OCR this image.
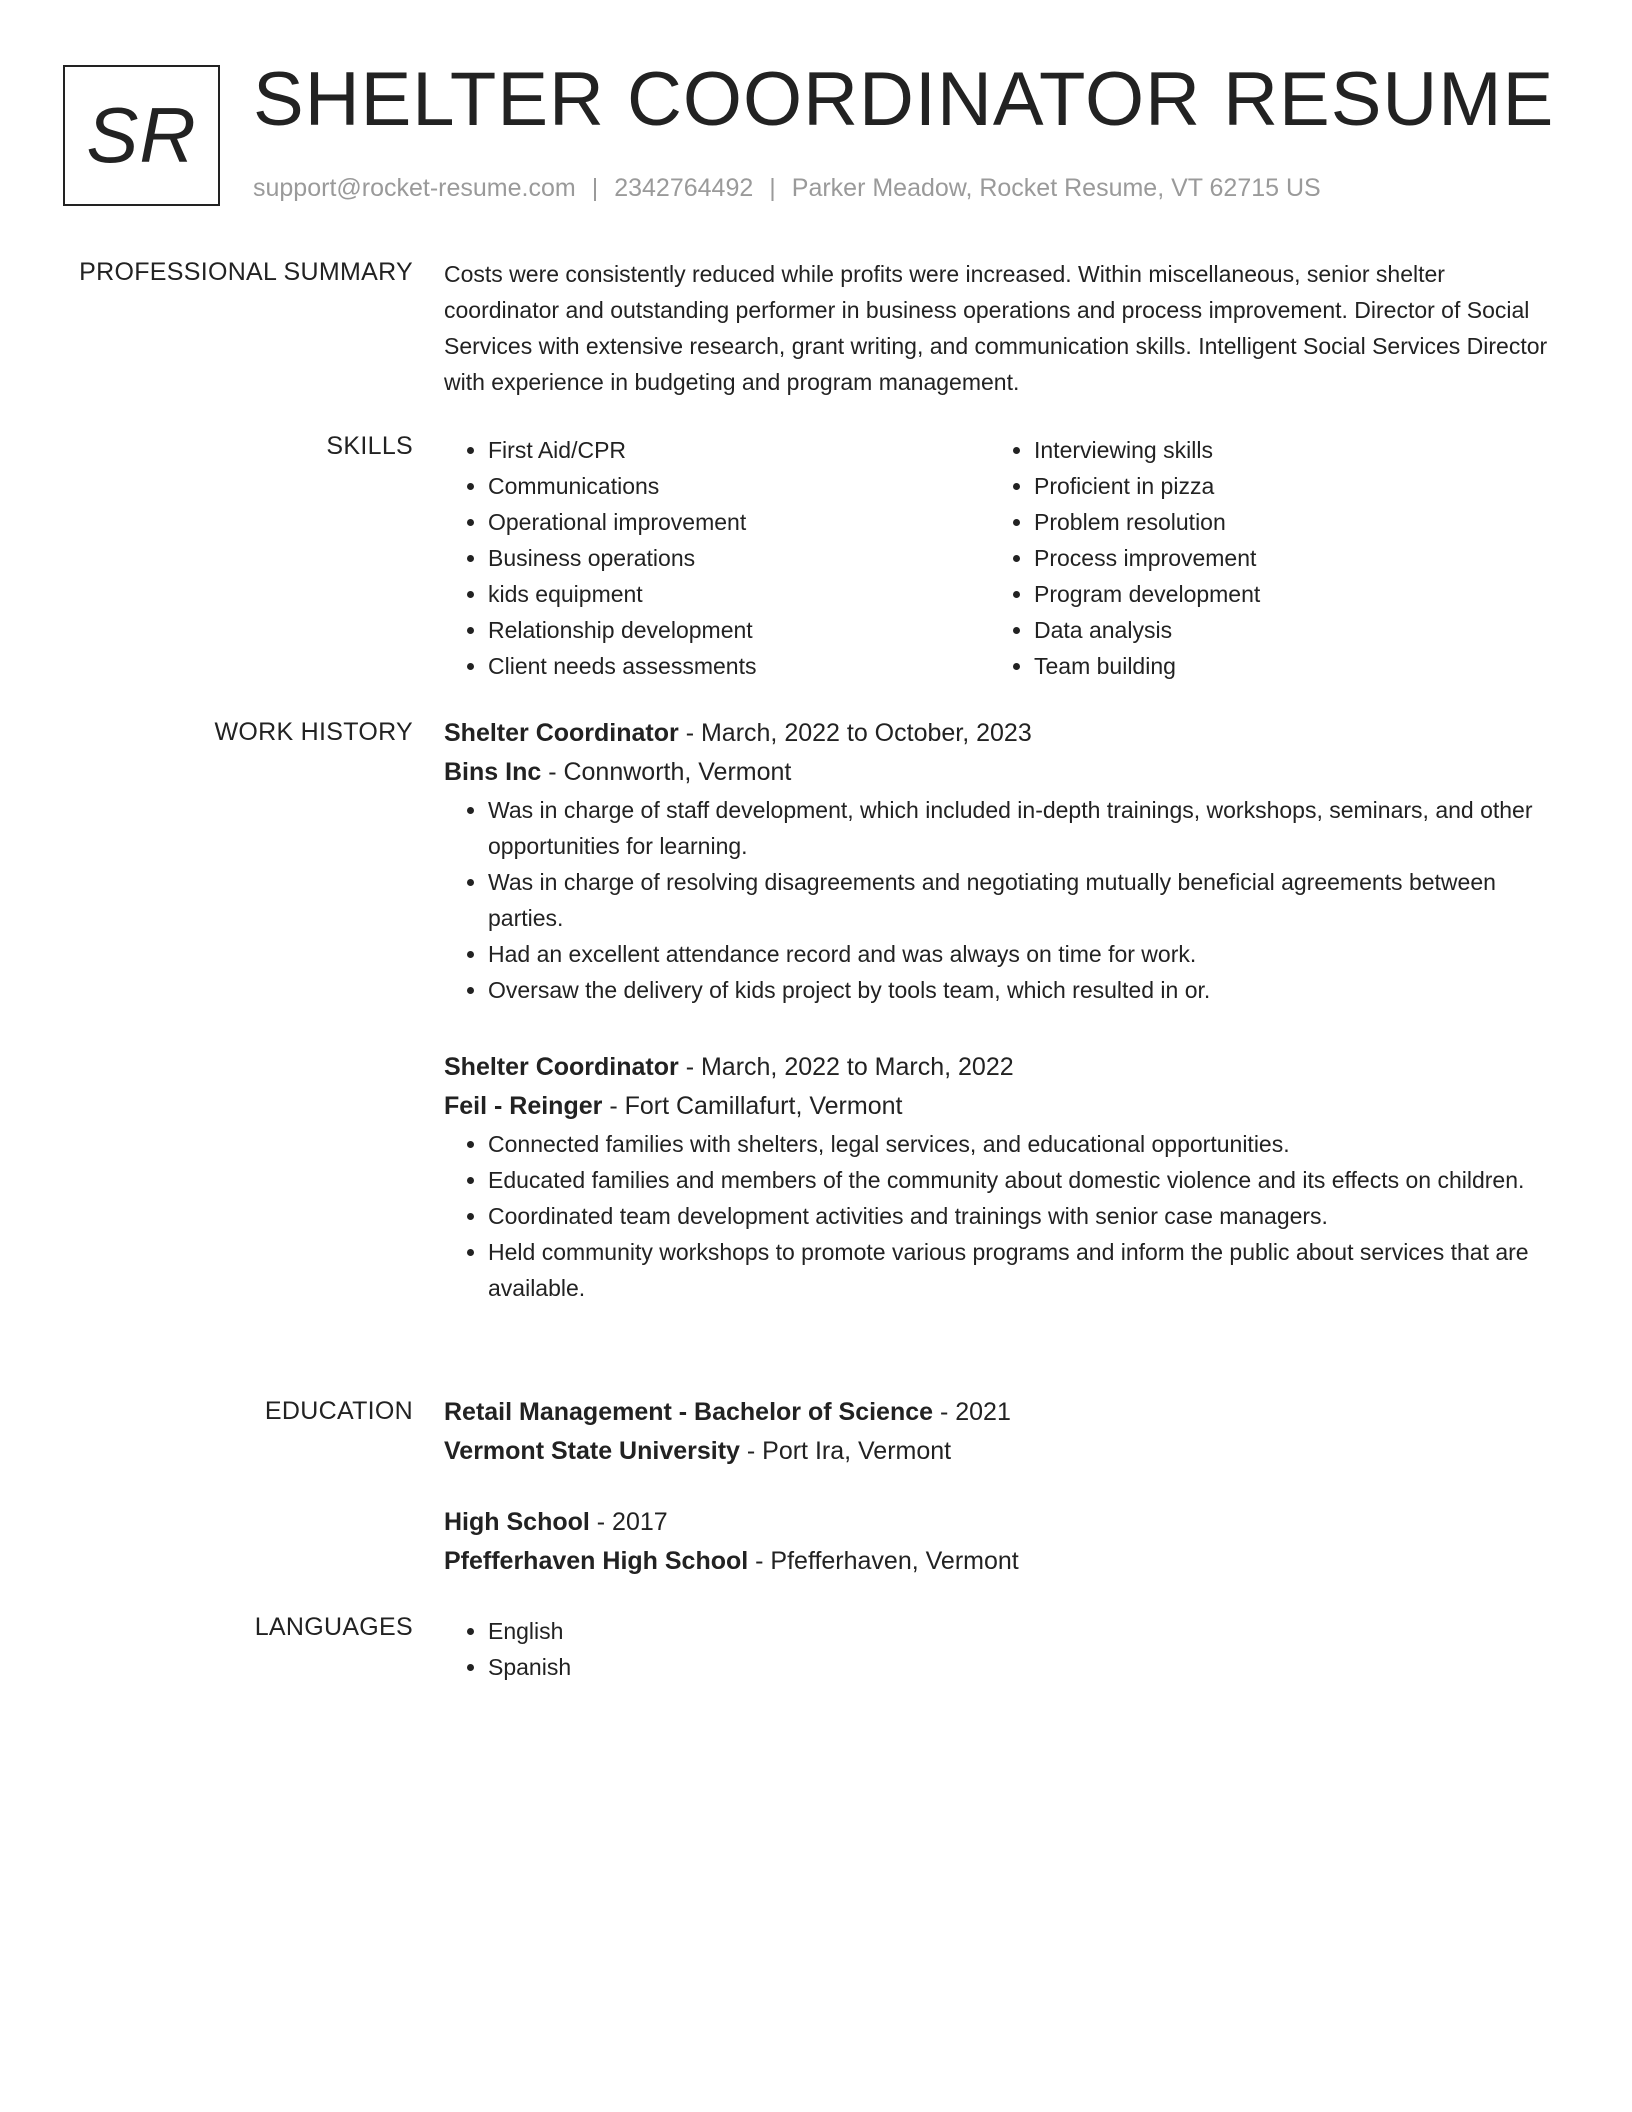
SR SHELTER COORDINATOR RESUME
support@rocket-resume.com | 2342764492 | Parker Meadow, Rocket Resume, VT 62715 US
PROFESSIONAL SUMMARY Costs were consistently reduced while profits were increased. Within miscellaneous, senior shelter coordinator and outstanding performer in business operations and process improvement. Director of Social Services with extensive research, grant writing, and communication skills. Intelligent Social Services Director with experience in budgeting and program management.

SKILLS	• First Aid/CPR
• Communications
• Operational improvement
• Business operations
• kids equipment
• Relationship development
• Client needs assessments
• Interviewing skills
• Proficient in pizza
• Problem resolution
• Process improvement
• Program development
• Data analysis
• Team building
WORK HISTORY Shelter Coordinator - March, 2022 to October, 2023
Bins Inc - Connworth, Vermont
• Was in charge of staff development, which included in-depth trainings, workshops, seminars, and other opportunities for learning.
• Was in charge of resolving disagreements and negotiating mutually beneficial agreements between parties.
• Had an excellent attendance record and was always on time for work.
• Oversaw the delivery of kids project by tools team, which resulted in or.
Shelter Coordinator - March, 2022 to March, 2022
Feil - Reinger - Fort Camillafurt, Vermont
• Connected families with shelters, legal services, and educational opportunities.
• Educated families and members of the community about domestic violence and its effects on children.
• Coordinated team development activities and trainings with senior case managers.
• Held community workshops to promote various programs and inform the public about services that are available.
EDUCATION Retail Management - Bachelor of Science - 2021
Vermont State University - Port Ira, Vermont
High School - 2017
Pfefferhaven High School - Pfefferhaven, Vermont
LANGUAGES	• English
• Spanish
